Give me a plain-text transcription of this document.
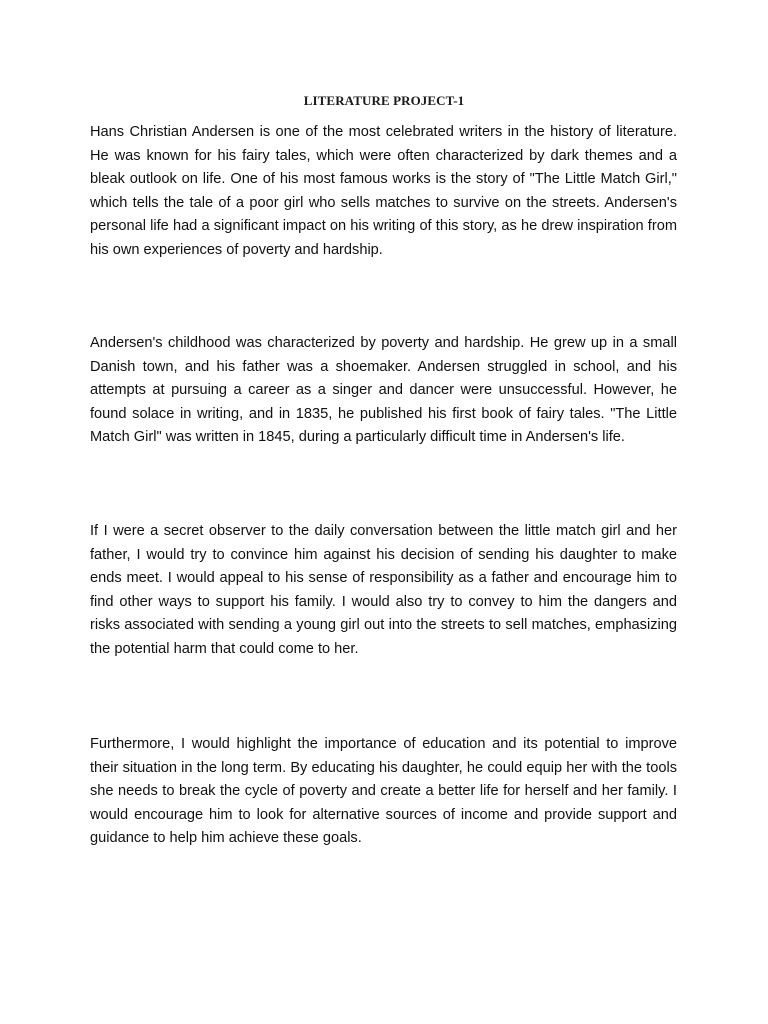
LITERATURE PROJECT-1

Hans Christian Andersen is one of the most celebrated writers in the history of literature. He was known for his fairy tales, which were often characterized by dark themes and a bleak outlook on life. One of his most famous works is the story of "The Little Match Girl," which tells the tale of a poor girl who sells matches to survive on the streets. Andersen's personal life had a significant impact on his writing of this story, as he drew inspiration from his own experiences of poverty and hardship.

Andersen's childhood was characterized by poverty and hardship. He grew up in a small Danish town, and his father was a shoemaker. Andersen struggled in school, and his attempts at pursuing a career as a singer and dancer were unsuccessful. However, he found solace in writing, and in 1835, he published his first book of fairy tales. "The Little Match Girl" was written in 1845, during a particularly difficult time in Andersen's life.

If I were a secret observer to the daily conversation between the little match girl and her father, I would try to convince him against his decision of sending his daughter to make ends meet. I would appeal to his sense of responsibility as a father and encourage him to find other ways to support his family. I would also try to convey to him the dangers and risks associated with sending a young girl out into the streets to sell matches, emphasizing the potential harm that could come to her.

Furthermore, I would highlight the importance of education and its potential to improve their situation in the long term. By educating his daughter, he could equip her with the tools she needs to break the cycle of poverty and create a better life for herself and her family. I would encourage him to look for alternative sources of income and provide support and guidance to help him achieve these goals.
